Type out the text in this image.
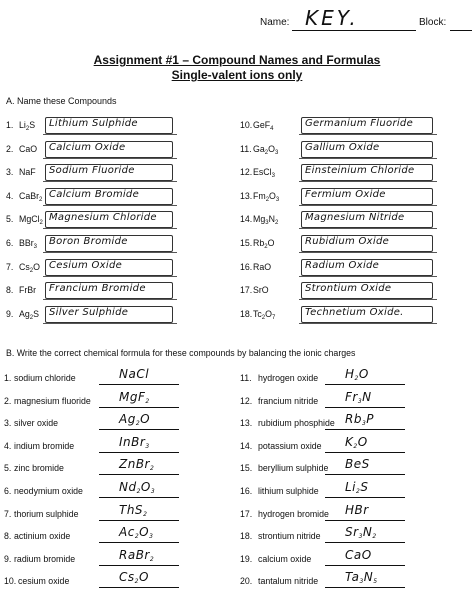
Name: KEY.	Block:
Assignment #1 – Compound Names and Formulas
Single-valent ions only
A. Name these Compounds
1. $Li_2S$ Lithium Sulphide
2. CaO Calcium Oxide
3. NaF Sodium Fluoride
4. CaBr$_2$ Calcium Bromide
5. MgCl$_2$ Magnesium Chloride
6. BBr$_3$ Boron Bromide
7. $Cs_2O$ Cesium Oxide
8. FrBr Francium Bromide
9. $Ag_2S$ Silver Sulphide
10. GeF$_4$	Germanium Fluoride
11. $Ga_2O_3$	Gallium Oxide
12. EsCl$_3$	Einsteinium Chloride
13. $Fm_2O_3$	Fermium Oxide
14. $Mg_3N_2$	Magnesium Nitride
15. $Rb_2O$	Rubidium Oxide
16. RaO	Radium Oxide
17. SrO	Strontium Oxide
18. $Tc_2O_7$	Technetium Oxide.
B. Write the correct chemical formula for these compounds by balancing the ionic charges
1. sodium chloride	NaCl
2. magnesium fluoride MgF$_2$
3. silver oxide	$Ag_2O$
4. indium bromide	InBr$_3$
5. zinc bromide	ZnBr$_2$
6. neodymium oxide	$Nd_2O_3$
7. thorium sulphide	ThS$_2$
8. actinium oxide	$Ac_2O_3$
9. radium bromide	RaBr$_2$
10. cesium oxide	$Cs_2O$
11. hydrogen oxide $H_2O$
12. francium nitride $Fr_3N$
13. rubidium phosphide $Rb_3P$
14. potassium oxide $K_2O$
15. beryllium sulphide BeS
16. lithium sulphide $Li_2S$
17. hydrogen bromide HBr
18. strontium nitride $Sr_3N_2$
19. calcium oxide	CaO
20. tantalum nitride $Ta_3N_5$
